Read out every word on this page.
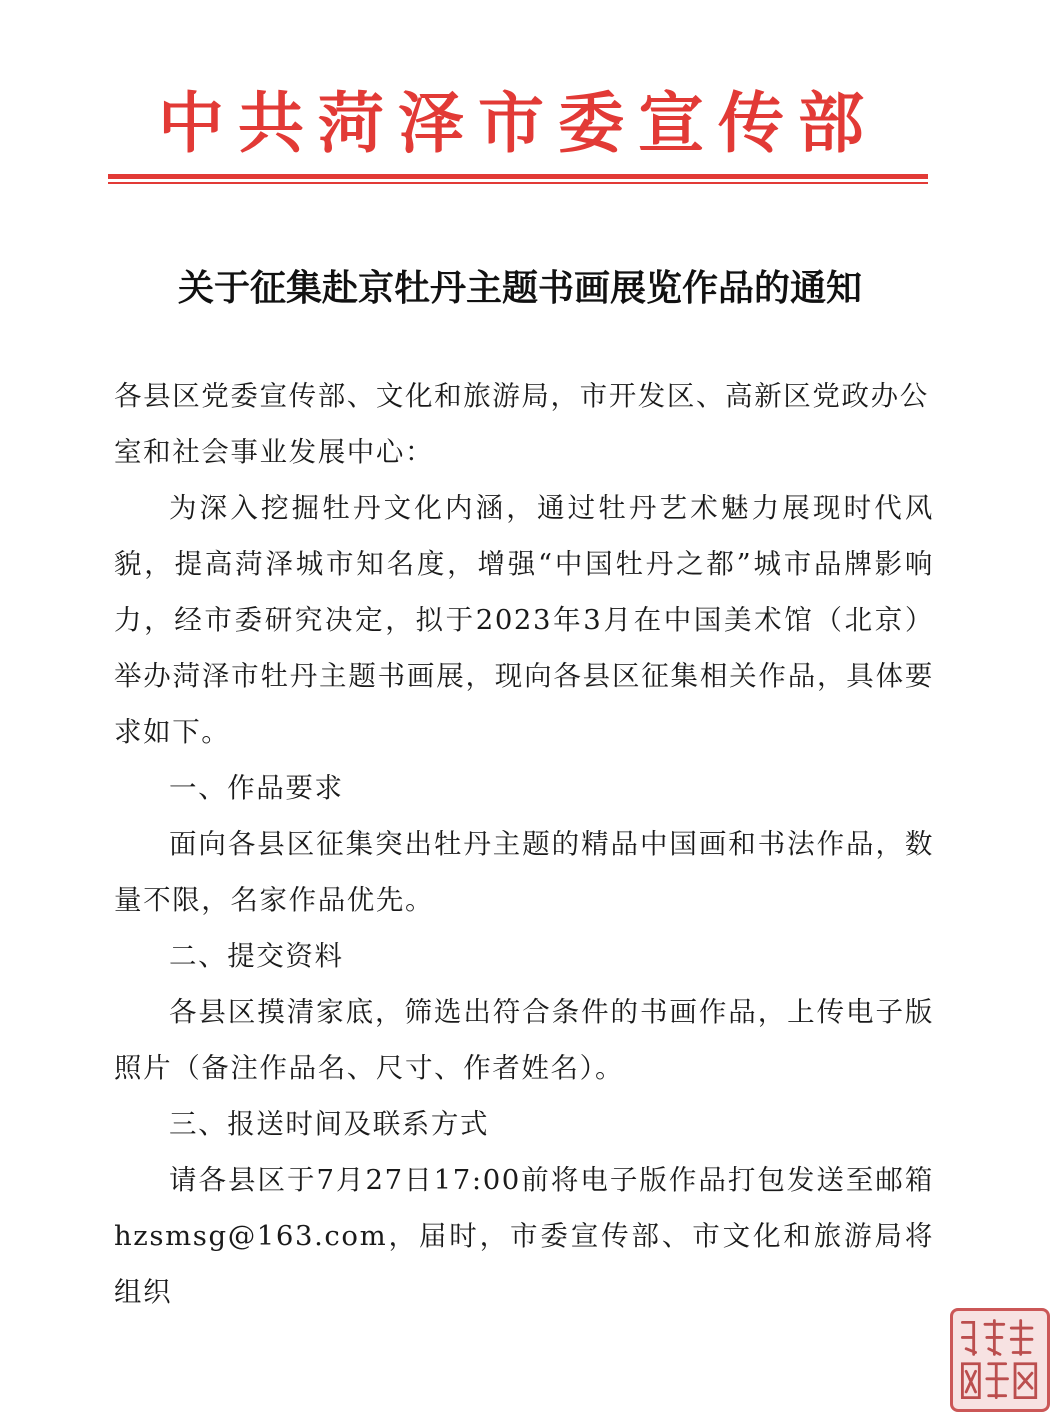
中共菏泽市委宣传部
关于征集赴京牡丹主题书画展览作品的通知

各县区党委宣传部、文化和旅游局，市开发区、高新区党政办公

室和社会事业发展中心：

为深入挖掘牡丹文化内涵，通过牡丹艺术魅力展现时代风貌，提高菏泽城市知名度，增强“中国牡丹之都”城市品牌影响力，经市委研究决定，拟于2023年3月在中国美术馆（北京）举办菏泽市牡丹主题书画展，现向各县区征集相关作品，具体要求如下。

一、作品要求

面向各县区征集突出牡丹主题的精品中国画和书法作品，数量不限，名家作品优先。

二、提交资料

各县区摸清家底，筛选出符合条件的书画作品，上传电子版照片（备注作品名、尺寸、作者姓名）。

三、报送时间及联系方式

请各县区于7月27日17:00前将电子版作品打包发送至邮箱hzsmsg@163.com，届时，市委宣传部、市文化和旅游局将组织
